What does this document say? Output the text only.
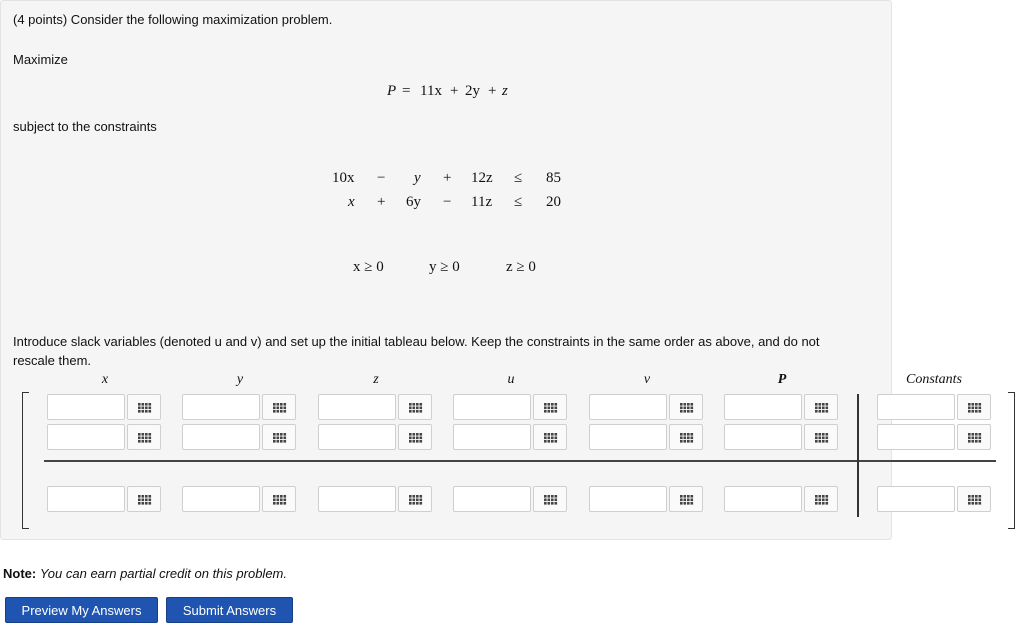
(4 points) Consider the following maximization problem.
Maximize
P = 11x + 2y + z
subject to the constraints
10x − y + 12z ≤ 85
x + 6y − 11z ≤ 20
x ≥ 0	y ≥ 0	z ≥ 0
Introduce slack variables (denoted u and v) and set up the initial tableau below. Keep the constraints in the same order as above, and do not
rescale them.
x	y	z	u	v	P	Constants
Note: You can earn partial credit on this problem.
Preview My Answers	Submit Answers
